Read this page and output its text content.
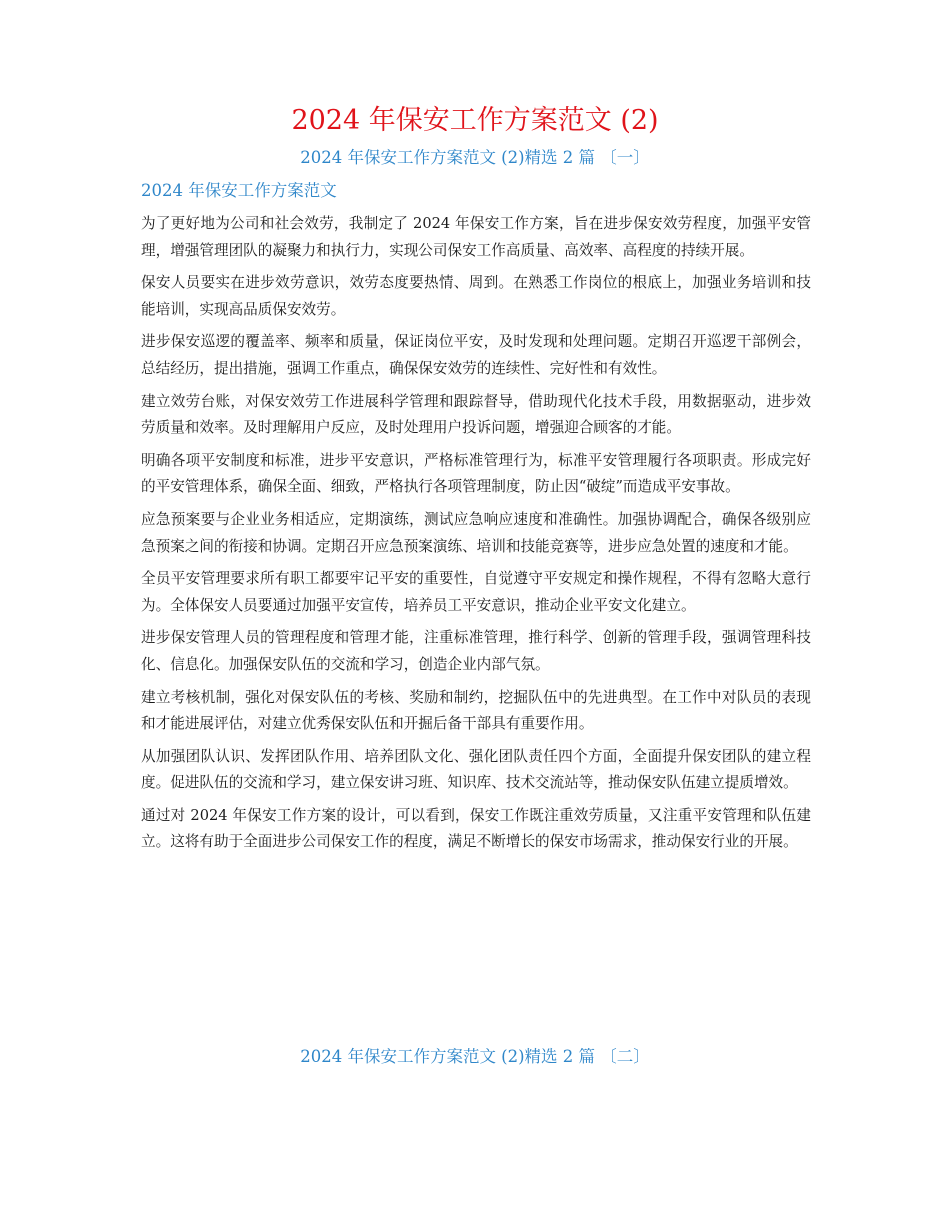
2024 年保安工作方案范文 (2)
2024 年保安工作方案范文 (2)精选 2 篇 〔一〕
2024 年保安工作方案范文

为了更好地为公司和社会效劳，我制定了 2024 年保安工作方案，旨在进步保安效劳程度，加强平安管理，增强管理团队的凝聚力和执行力，实现公司保安工作高质量、高效率、高程度的持续开展。

保安人员要实在进步效劳意识，效劳态度要热情、周到。在熟悉工作岗位的根底上，加强业务培训和技能培训，实现高品质保安效劳。

进步保安巡逻的覆盖率、频率和质量，保证岗位平安，及时发现和处理问题。定期召开巡逻干部例会，总结经历，提出措施，强调工作重点，确保保安效劳的连续性、完好性和有效性。

建立效劳台账，对保安效劳工作进展科学管理和跟踪督导，借助现代化技术手段，用数据驱动，进步效劳质量和效率。及时理解用户反应，及时处理用户投诉问题，增强迎合顾客的才能。

明确各项平安制度和标准，进步平安意识，严格标准管理行为，标准平安管理履行各项职责。形成完好的平安管理体系，确保全面、细致，严格执行各项管理制度，防止因“破绽”而造成平安事故。

应急预案要与企业业务相适应，定期演练，测试应急响应速度和准确性。加强协调配合，确保各级别应急预案之间的衔接和协调。定期召开应急预案演练、培训和技能竞赛等，进步应急处置的速度和才能。

全员平安管理要求所有职工都要牢记平安的重要性，自觉遵守平安规定和操作规程，不得有忽略大意行为。全体保安人员要通过加强平安宣传，培养员工平安意识，推动企业平安文化建立。

进步保安管理人员的管理程度和管理才能，注重标准管理，推行科学、创新的管理手段，强调管理科技化、信息化。加强保安队伍的交流和学习，创造企业内部气氛。

建立考核机制，强化对保安队伍的考核、奖励和制约，挖掘队伍中的先进典型。在工作中对队员的表现和才能进展评估，对建立优秀保安队伍和开掘后备干部具有重要作用。

从加强团队认识、发挥团队作用、培养团队文化、强化团队责任四个方面，全面提升保安团队的建立程度。促进队伍的交流和学习，建立保安讲习班、知识库、技术交流站等，推动保安队伍建立提质增效。

通过对 2024 年保安工作方案的设计，可以看到，保安工作既注重效劳质量，又注重平安管理和队伍建立。这将有助于全面进步公司保安工作的程度，满足不断增长的保安市场需求，推动保安行业的开展。

2024 年保安工作方案范文 (2)精选 2 篇 〔二〕
